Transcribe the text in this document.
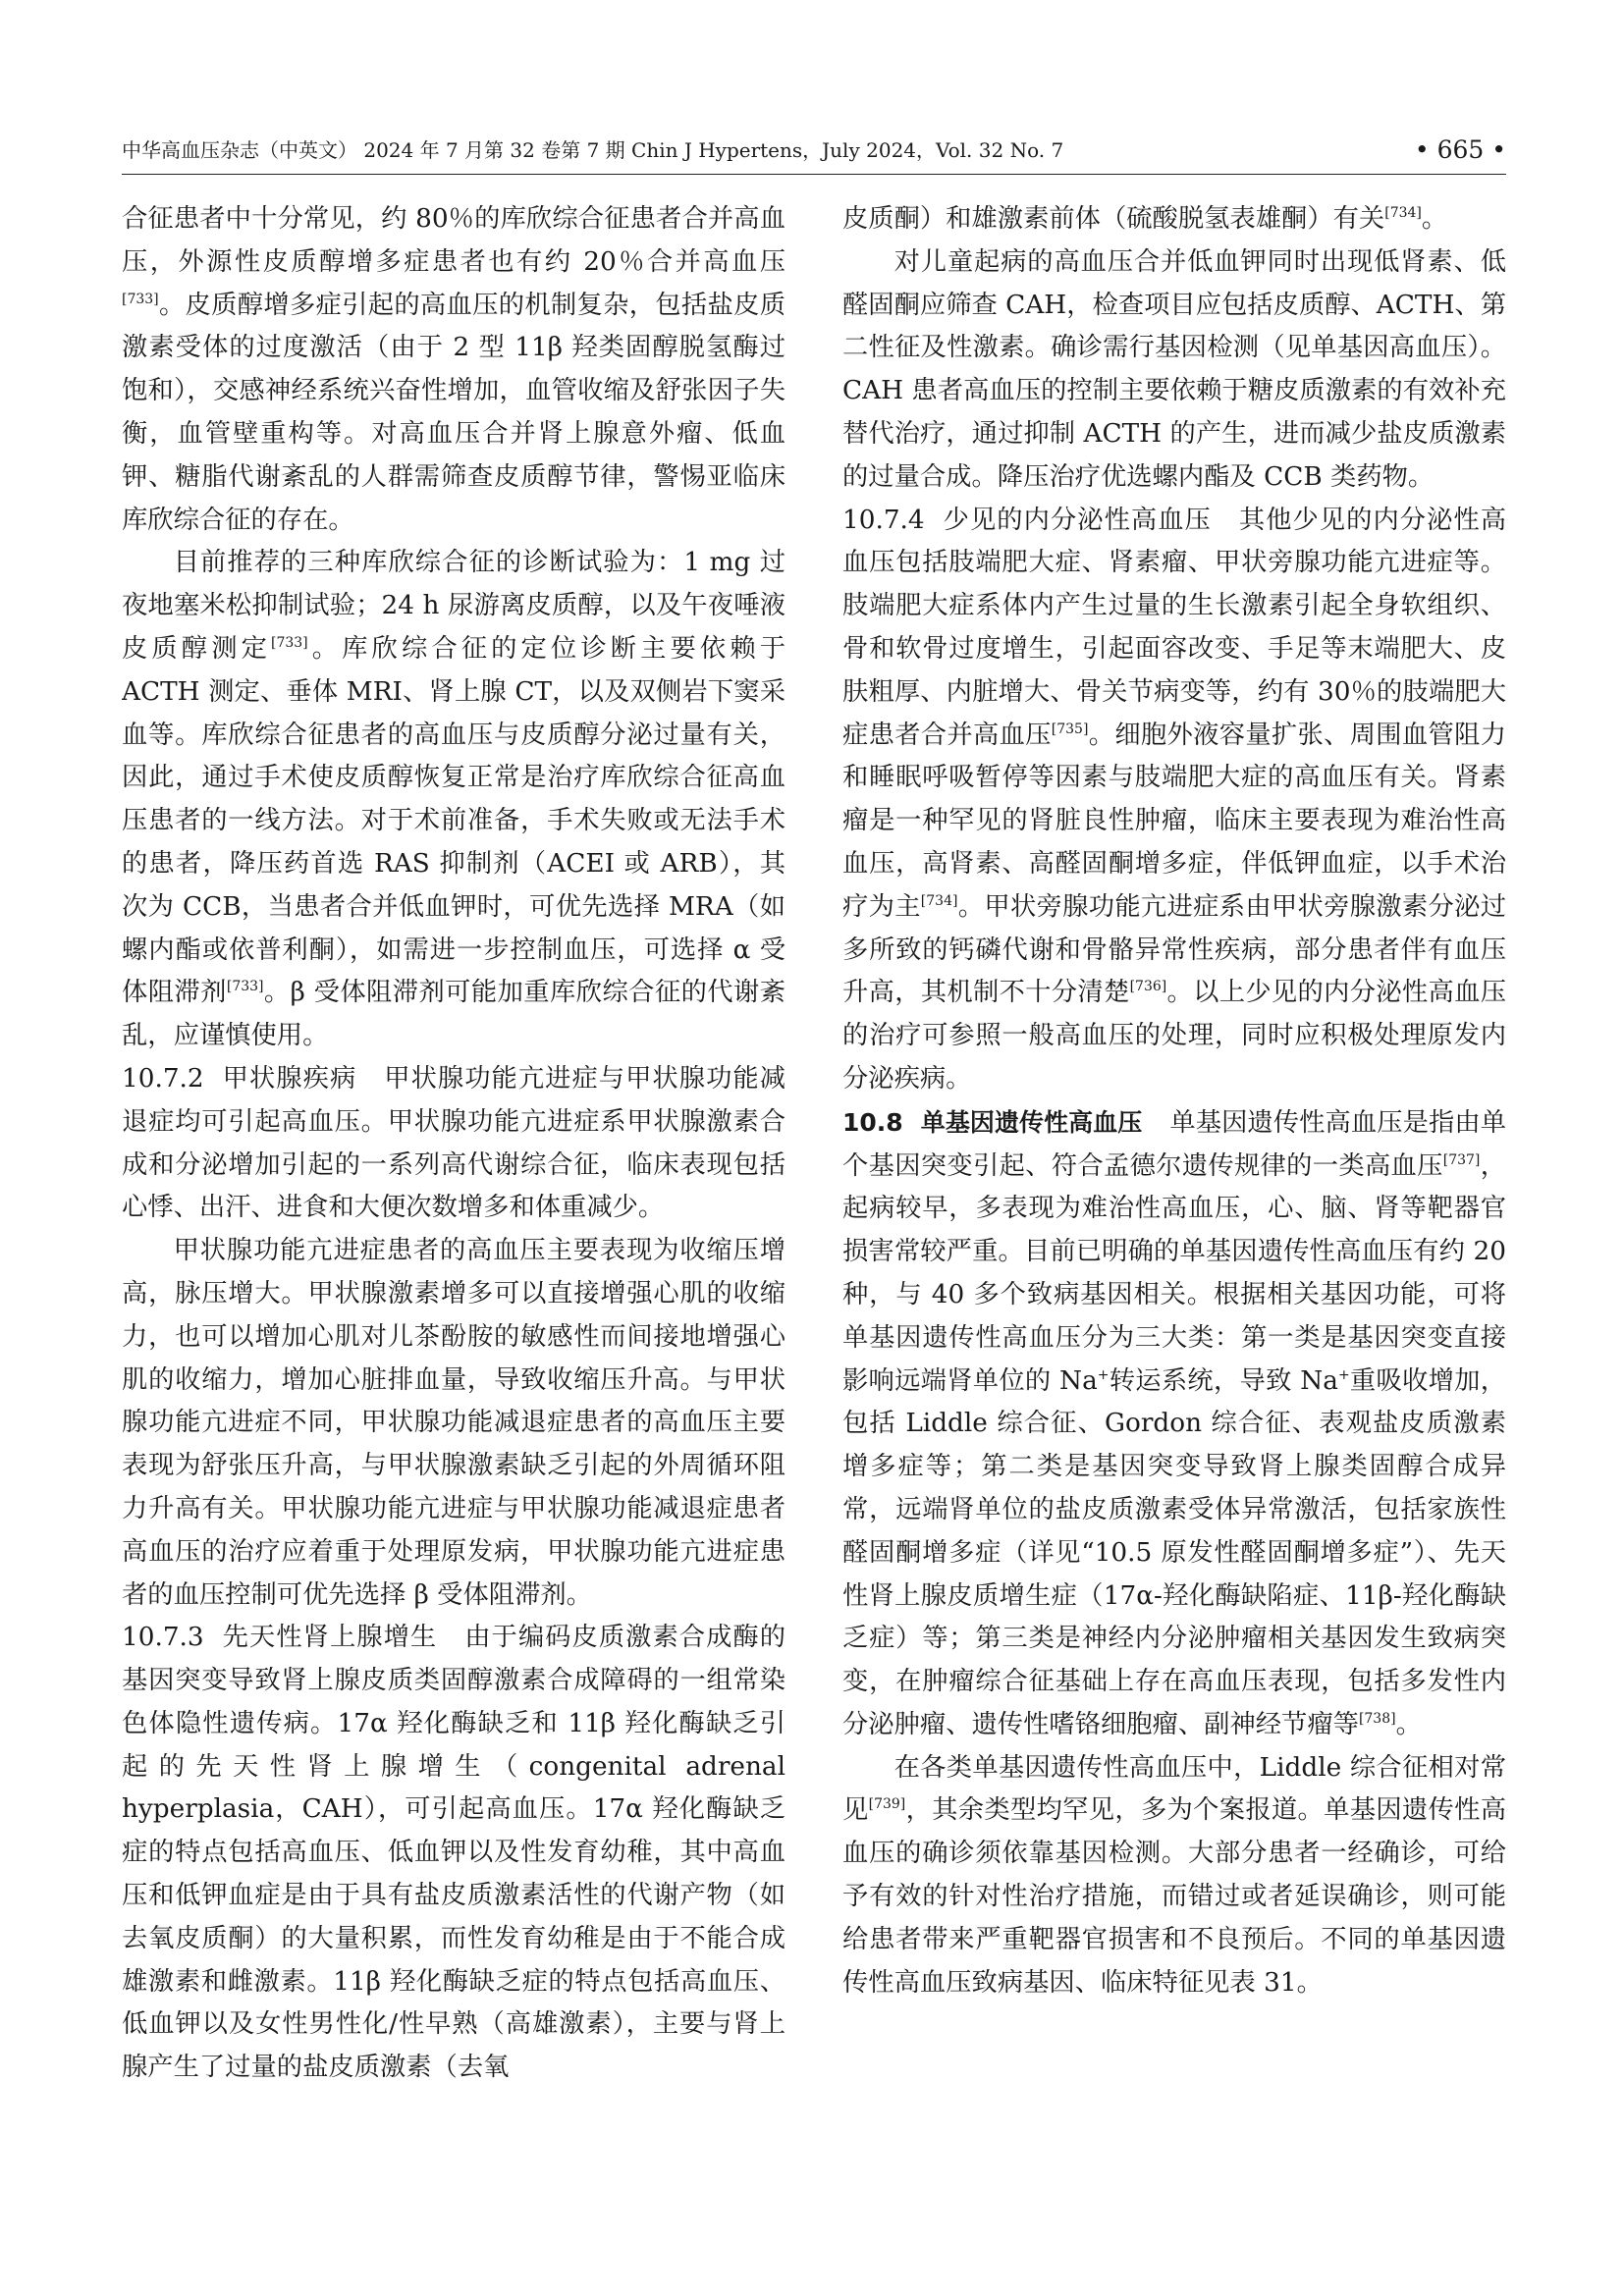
中华高血压杂志（中英文） 2024 年 7 月第 32 卷第 7 期 Chin J Hypertens，July 2024，Vol. 32 No. 7	• 665 •

合征患者中十分常见，约 80％的库欣综合征患者合并高血压，外源性皮质醇增多症患者也有约 20％合并高血压[733]。皮质醇增多症引起的高血压的机制复杂，包括盐皮质激素受体的过度激活（由于 2 型 11β 羟类固醇脱氢酶过饱和），交感神经系统兴奋性增加，血管收缩及舒张因子失衡，血管壁重构等。对高血压合并肾上腺意外瘤、低血钾、糖脂代谢紊乱的人群需筛查皮质醇节律，警惕亚临床库欣综合征的存在。

目前推荐的三种库欣综合征的诊断试验为：1 mg 过夜地塞米松抑制试验；24 h 尿游离皮质醇，以及午夜唾液皮质醇测定[733]。库欣综合征的定位诊断主要依赖于 ACTH 测定、垂体 MRI、肾上腺 CT，以及双侧岩下窦采血等。库欣综合征患者的高血压与皮质醇分泌过量有关，因此，通过手术使皮质醇恢复正常是治疗库欣综合征高血压患者的一线方法。对于术前准备，手术失败或无法手术的患者，降压药首选 RAS 抑制剂（ACEI 或 ARB），其次为 CCB，当患者合并低血钾时，可优先选择 MRA（如螺内酯或依普利酮），如需进一步控制血压，可选择 α 受体阻滞剂[733]。β 受体阻滞剂可能加重库欣综合征的代谢紊乱，应谨慎使用。

10.7.2 甲状腺疾病 甲状腺功能亢进症与甲状腺功能减退症均可引起高血压。甲状腺功能亢进症系甲状腺激素合成和分泌增加引起的一系列高代谢综合征，临床表现包括心悸、出汗、进食和大便次数增多和体重减少。

甲状腺功能亢进症患者的高血压主要表现为收缩压增高，脉压增大。甲状腺激素增多可以直接增强心肌的收缩力，也可以增加心肌对儿茶酚胺的敏感性而间接地增强心肌的收缩力，增加心脏排血量，导致收缩压升高。与甲状腺功能亢进症不同，甲状腺功能减退症患者的高血压主要表现为舒张压升高，与甲状腺激素缺乏引起的外周循环阻力升高有关。甲状腺功能亢进症与甲状腺功能减退症患者高血压的治疗应着重于处理原发病，甲状腺功能亢进症患者的血压控制可优先选择 β 受体阻滞剂。

10.7.3 先天性肾上腺增生 由于编码皮质激素合成酶的基因突变导致肾上腺皮质类固醇激素合成障碍的一组常染色体隐性遗传病。17α 羟化酶缺乏和 11β 羟化酶缺乏引起的先天性肾上腺增生（congenital adrenal hyperplasia，CAH），可引起高血压。17α 羟化酶缺乏症的特点包括高血压、低血钾以及性发育幼稚，其中高血压和低钾血症是由于具有盐皮质激素活性的代谢产物（如去氧皮质酮）的大量积累，而性发育幼稚是由于不能合成雄激素和雌激素。11β 羟化酶缺乏症的特点包括高血压、低血钾以及女性男性化/性早熟（高雄激素），主要与肾上腺产生了过量的盐皮质激素（去氧

皮质酮）和雄激素前体（硫酸脱氢表雄酮）有关[734]。

对儿童起病的高血压合并低血钾同时出现低肾素、低醛固酮应筛查 CAH，检查项目应包括皮质醇、ACTH、第二性征及性激素。确诊需行基因检测（见单基因高血压）。CAH 患者高血压的控制主要依赖于糖皮质激素的有效补充替代治疗，通过抑制 ACTH 的产生，进而减少盐皮质激素的过量合成。降压治疗优选螺内酯及 CCB 类药物。

10.7.4 少见的内分泌性高血压 其他少见的内分泌性高血压包括肢端肥大症、肾素瘤、甲状旁腺功能亢进症等。肢端肥大症系体内产生过量的生长激素引起全身软组织、骨和软骨过度增生，引起面容改变、手足等末端肥大、皮肤粗厚、内脏增大、骨关节病变等，约有 30％的肢端肥大症患者合并高血压[735]。细胞外液容量扩张、周围血管阻力和睡眠呼吸暂停等因素与肢端肥大症的高血压有关。肾素瘤是一种罕见的肾脏良性肿瘤，临床主要表现为难治性高血压，高肾素、高醛固酮增多症，伴低钾血症，以手术治疗为主[734]。甲状旁腺功能亢进症系由甲状旁腺激素分泌过多所致的钙磷代谢和骨骼异常性疾病，部分患者伴有血压升高，其机制不十分清楚[736]。以上少见的内分泌性高血压的治疗可参照一般高血压的处理，同时应积极处理原发内分泌疾病。

10.8 单基因遗传性高血压 单基因遗传性高血压是指由单个基因突变引起、符合孟德尔遗传规律的一类高血压[737]，起病较早，多表现为难治性高血压，心、脑、肾等靶器官损害常较严重。目前已明确的单基因遗传性高血压有约 20 种，与 40 多个致病基因相关。根据相关基因功能，可将单基因遗传性高血压分为三大类：第一类是基因突变直接影响远端肾单位的 Na+转运系统，导致 Na+重吸收增加，包括 Liddle 综合征、Gordon 综合征、表观盐皮质激素增多症等；第二类是基因突变导致肾上腺类固醇合成异常，远端肾单位的盐皮质激素受体异常激活，包括家族性醛固酮增多症（详见“10.5 原发性醛固酮增多症”）、先天性肾上腺皮质增生症（17α-羟化酶缺陷症、11β-羟化酶缺乏症）等；第三类是神经内分泌肿瘤相关基因发生致病突变，在肿瘤综合征基础上存在高血压表现，包括多发性内分泌肿瘤、遗传性嗜铬细胞瘤、副神经节瘤等[738]。

在各类单基因遗传性高血压中，Liddle 综合征相对常见[739]，其余类型均罕见，多为个案报道。单基因遗传性高血压的确诊须依靠基因检测。大部分患者一经确诊，可给予有效的针对性治疗措施，而错过或者延误确诊，则可能给患者带来严重靶器官损害和不良预后。不同的单基因遗传性高血压致病基因、临床特征见表 31。
